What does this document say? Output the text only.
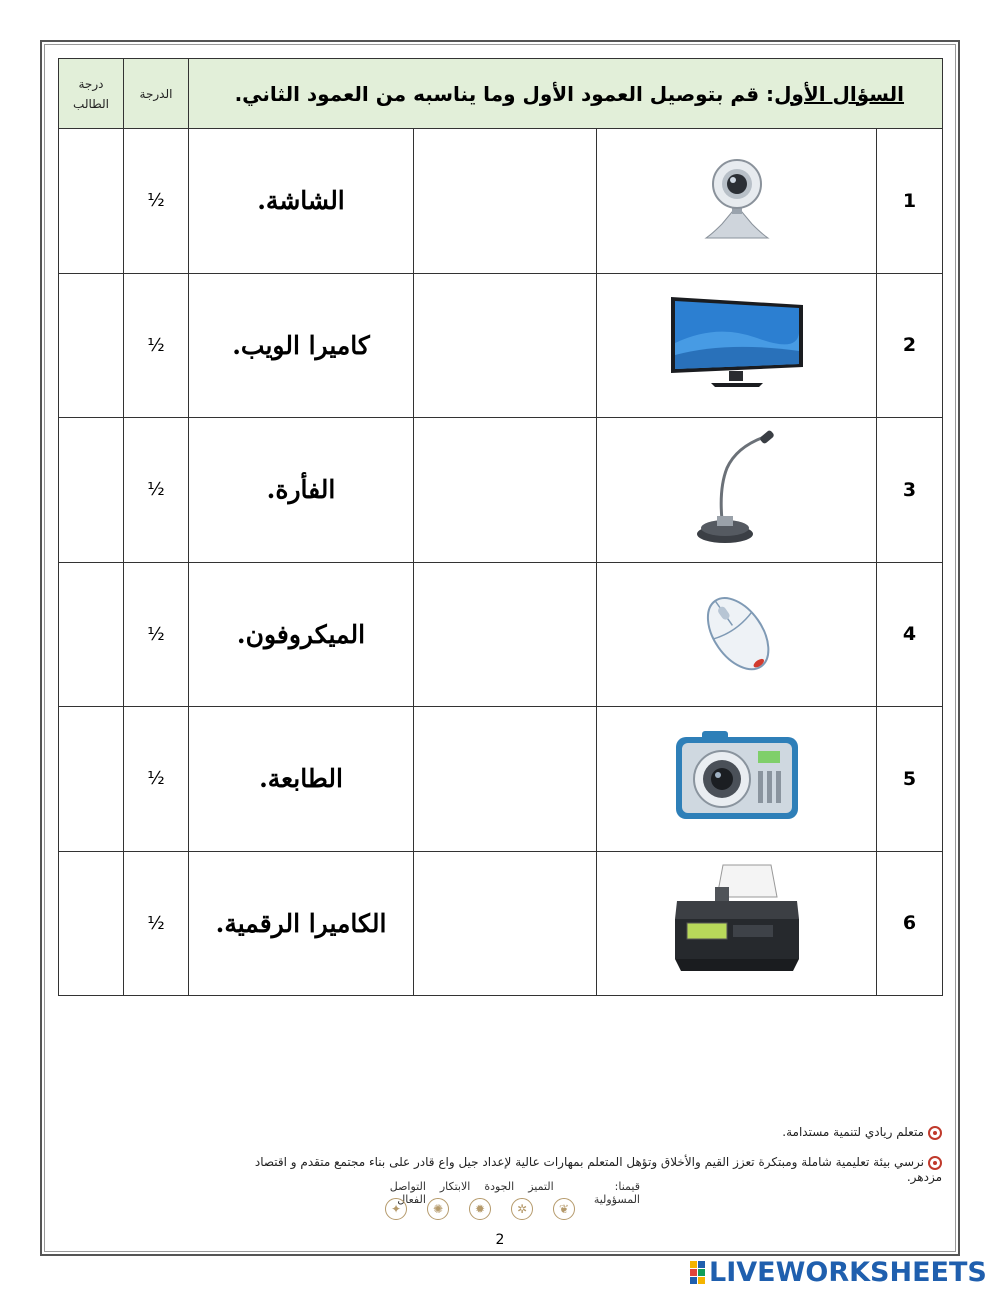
درجة الطالب	الدرجة	السؤال الأول: قم بتوصيل العمود الأول وما يناسبه من العمود الثاني.			
	½	الشاشة.			1
	½	كاميرا الويب.			2
	½	الفأرة.			3
	½	الميكروفون.			4
	½	الطابعة.			5
	½	الكاميرا الرقمية.			6
متعلم ريادي لتنمية مستدامة.
نرسي بيئة تعليمية شاملة ومبتكرة تعزز القيم والأخلاق وتؤهل المتعلم بمهارات عالية لإعداد جيل واع قادر على بناء مجتمع متقدم و اقتصاد مزدهر.
قيمنا: المسؤولية
التميز
الجودة
الابتكار
التواصل الفعال
✦	✺	✹	✲	❦
2
LIVEWORKSHEETS
